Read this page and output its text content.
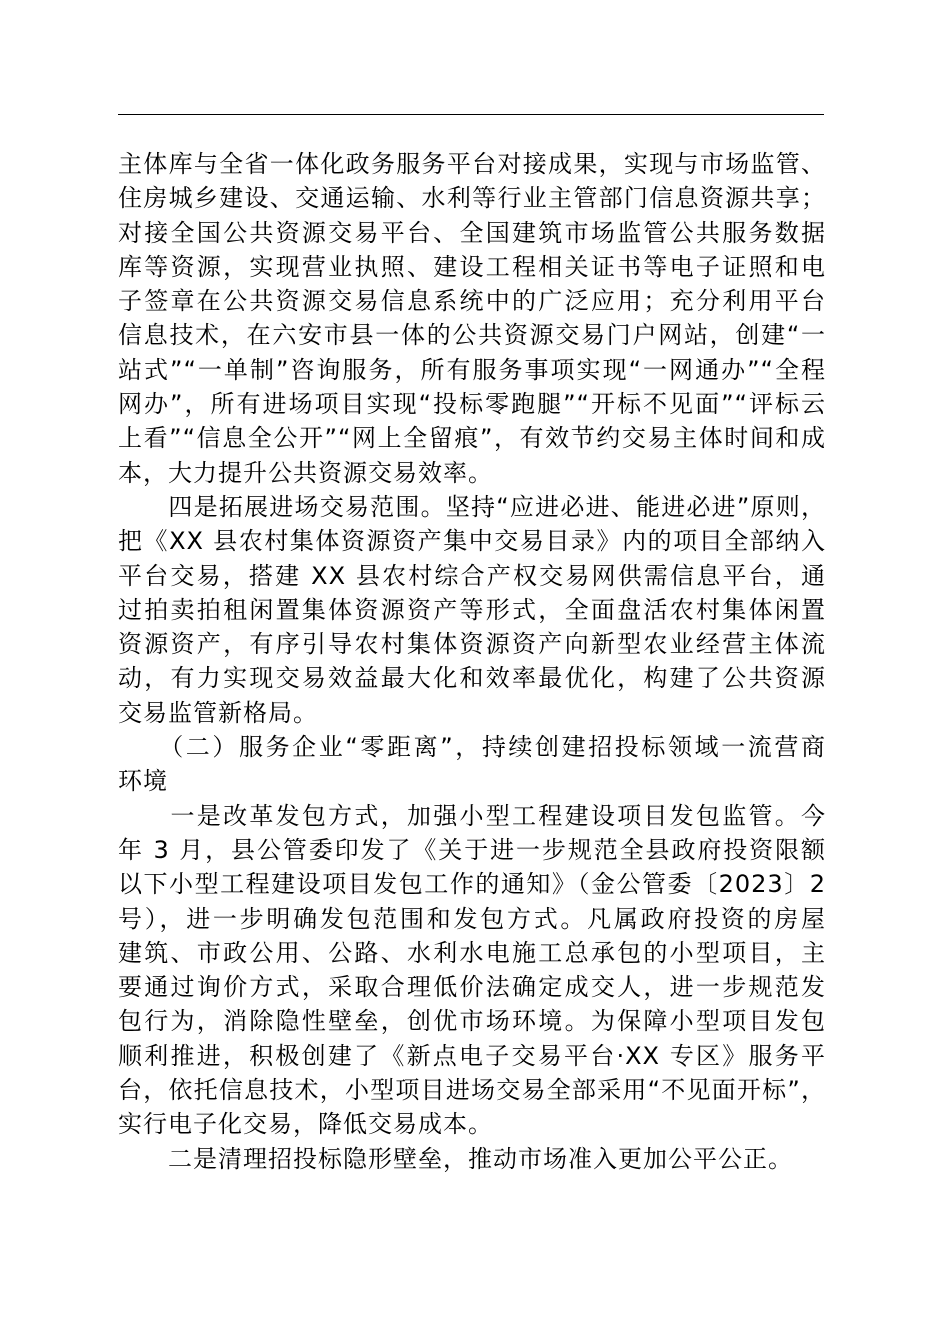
主体库与全省一体化政务服务平台对接成果，实现与市场监管、
住房城乡建设、交通运输、水利等行业主管部门信息资源共享；
对接全国公共资源交易平台、全国建筑市场监管公共服务数据
库等资源，实现营业执照、建设工程相关证书等电子证照和电
子签章在公共资源交易信息系统中的广泛应用；充分利用平台
信息技术，在六安市县一体的公共资源交易门户网站，创建“一
站式”“一单制”咨询服务，所有服务事项实现“一网通办”“全程
网办”，所有进场项目实现“投标零跑腿”“开标不见面”“评标云
上看”“信息全公开”“网上全留痕”，有效节约交易主体时间和成
本，大力提升公共资源交易效率。
　　四是拓展进场交易范围。坚持“应进必进、能进必进”原则，
把《XX 县农村集体资源资产集中交易目录》内的项目全部纳入
平台交易，搭建 XX 县农村综合产权交易网供需信息平台，通
过拍卖拍租闲置集体资源资产等形式，全面盘活农村集体闲置
资源资产，有序引导农村集体资源资产向新型农业经营主体流
动，有力实现交易效益最大化和效率最优化，构建了公共资源
交易监管新格局。
　　（二）服务企业“零距离”，持续创建招投标领域一流营商
环境
　　一是改革发包方式，加强小型工程建设项目发包监管。今
年 3 月，县公管委印发了《关于进一步规范全县政府投资限额
以下小型工程建设项目发包工作的通知》（金公管委〔2023〕2
号），进一步明确发包范围和发包方式。凡属政府投资的房屋
建筑、市政公用、公路、水利水电施工总承包的小型项目，主
要通过询价方式，采取合理低价法确定成交人，进一步规范发
包行为，消除隐性壁垒，创优市场环境。为保障小型项目发包
顺利推进，积极创建了《新点电子交易平台·XX 专区》服务平
台，依托信息技术，小型项目进场交易全部采用“不见面开标”，
实行电子化交易，降低交易成本。
　　二是清理招投标隐形壁垒，推动市场准入更加公平公正。
